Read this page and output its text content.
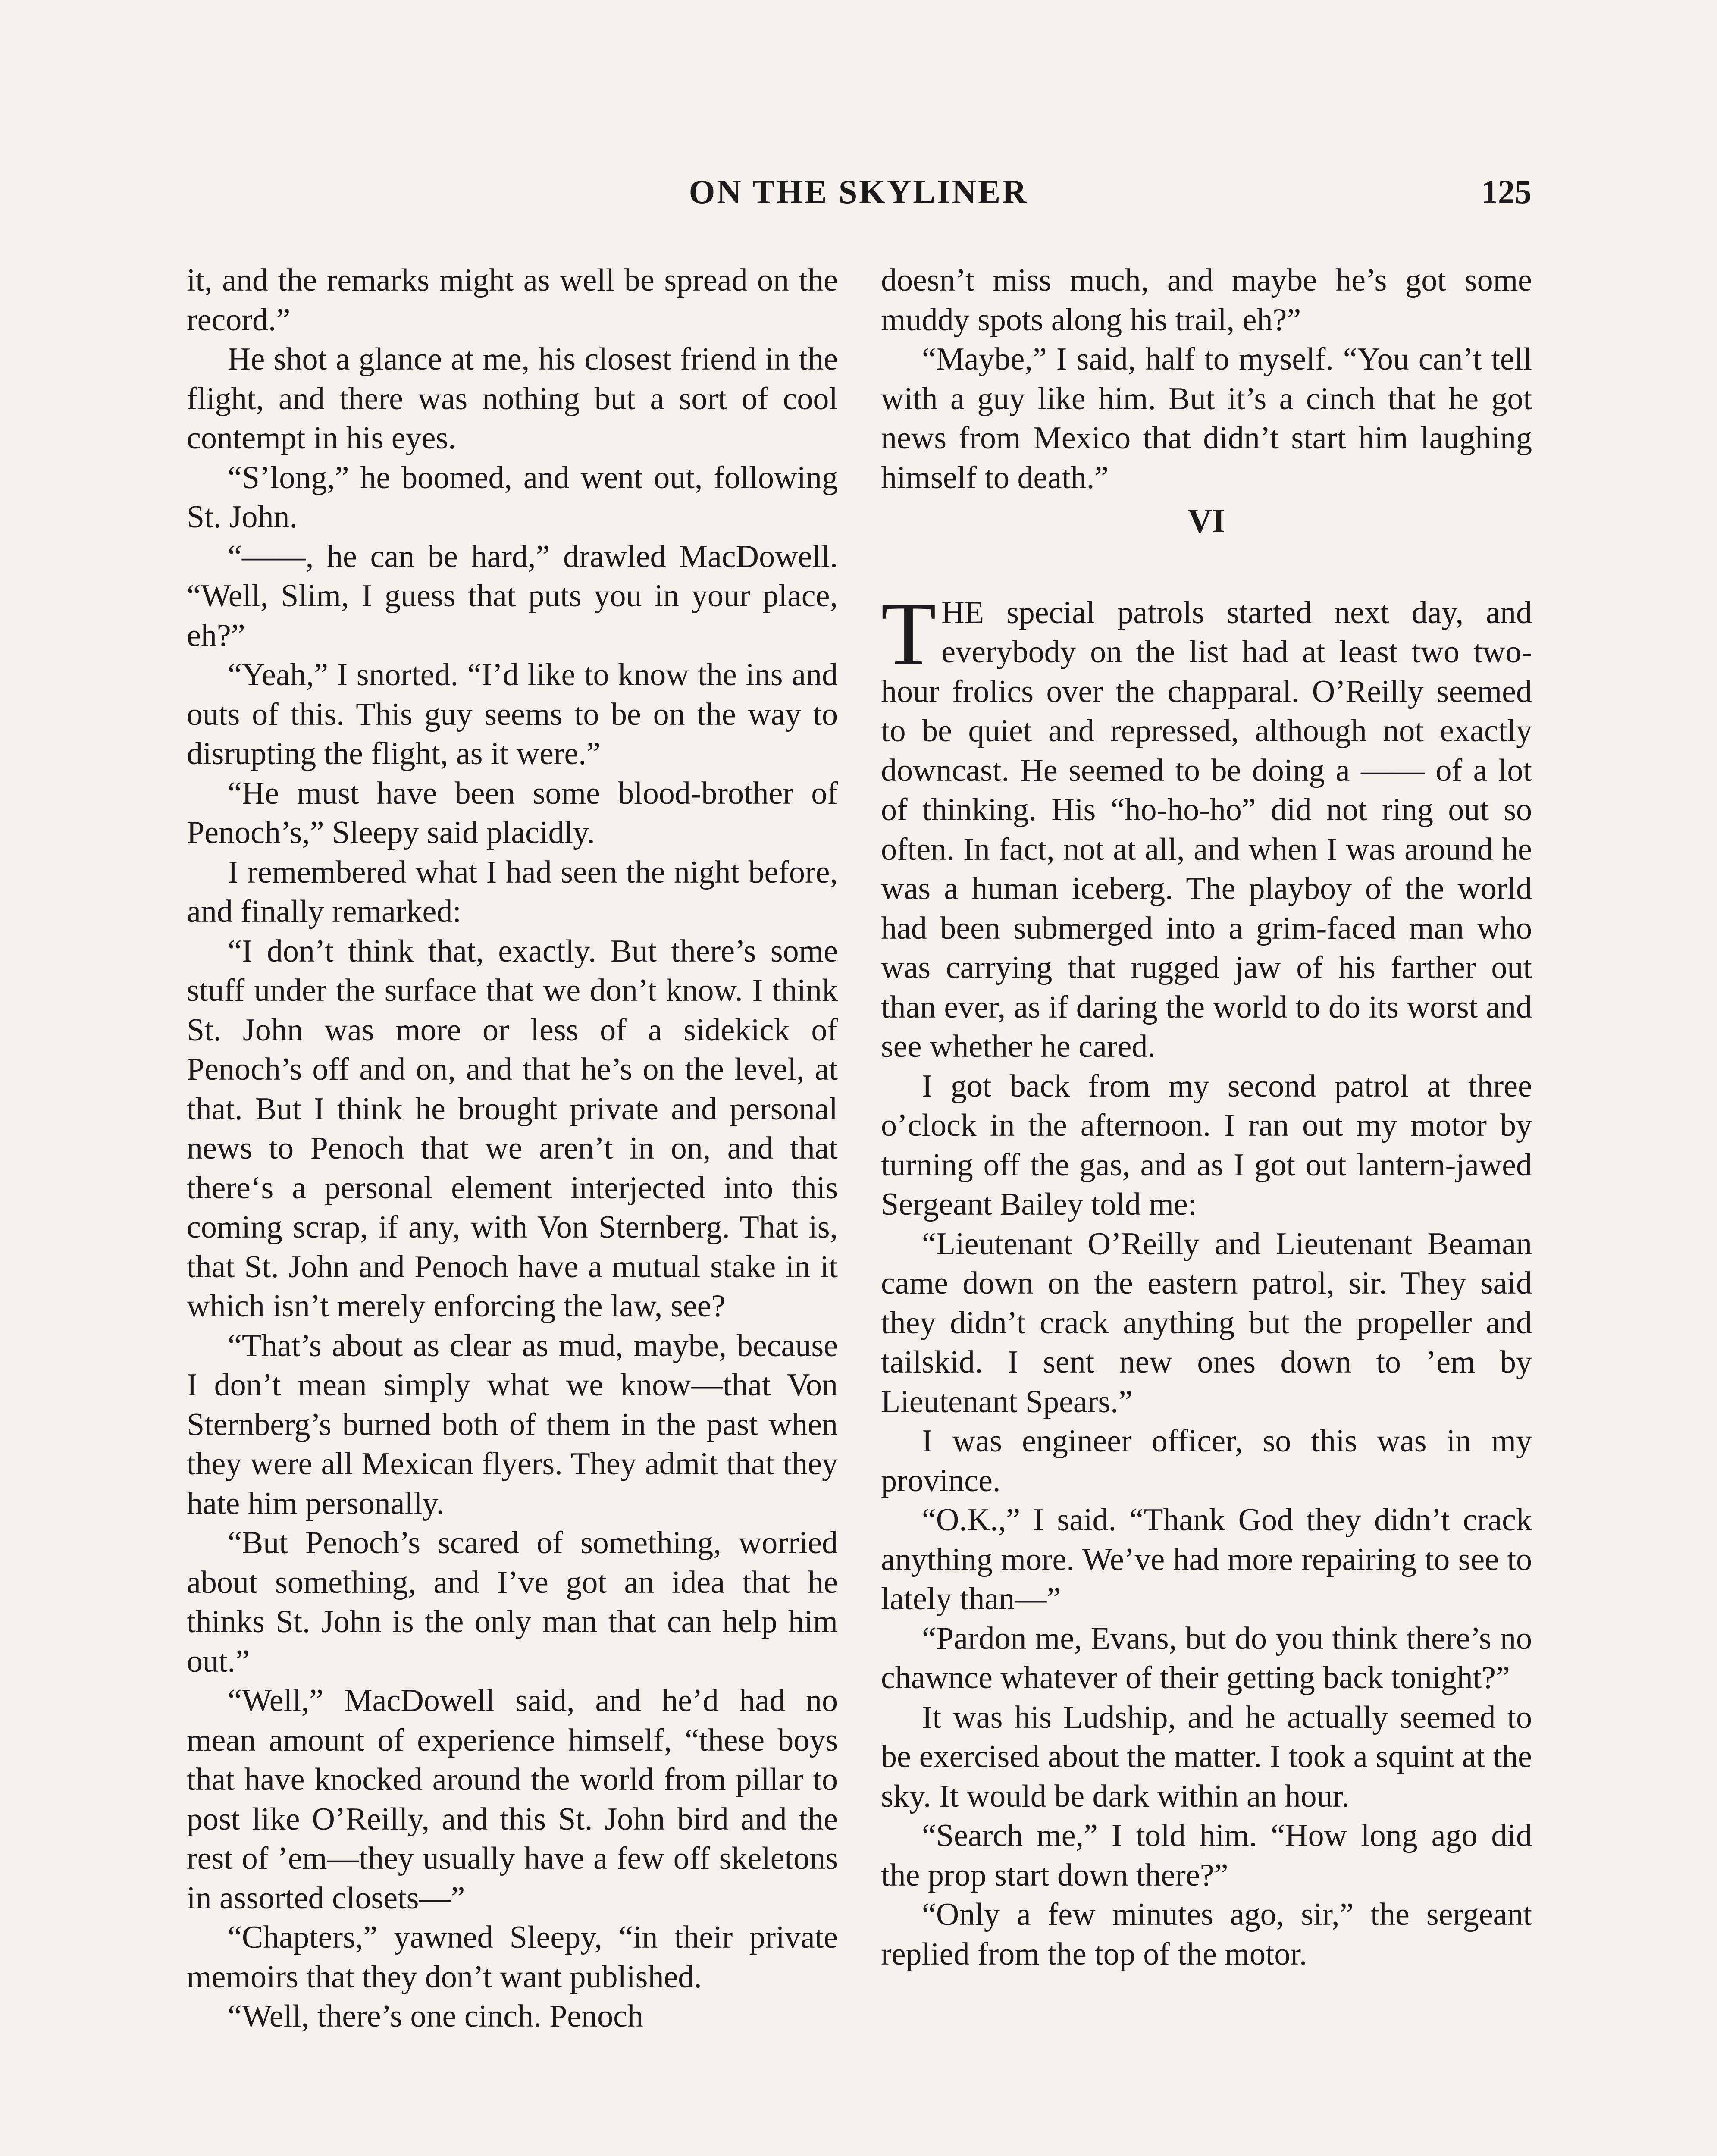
ON THE SKYLINER	125

it, and the remarks might as well be spread on the record.”

He shot a glance at me, his closest friend in the flight, and there was nothing but a sort of cool contempt in his eyes.

“S’long,” he boomed, and went out, following St. John.

“——, he can be hard,” drawled MacDowell. “Well, Slim, I guess that puts you in your place, eh?”

“Yeah,” I snorted. “I’d like to know the ins and outs of this. This guy seems to be on the way to disrupting the flight, as it were.”

“He must have been some blood-brother of Penoch’s,” Sleepy said placidly.

I remembered what I had seen the night before, and finally remarked:

“I don’t think that, exactly. But there’s some stuff under the surface that we don’t know. I think St. John was more or less of a sidekick of Penoch’s off and on, and that he’s on the level, at that. But I think he brought private and personal news to Penoch that we aren’t in on, and that there‘s a personal element interjected into this coming scrap, if any, with Von Sternberg. That is, that St. John and Penoch have a mutual stake in it which isn’t merely enforcing the law, see?

“That’s about as clear as mud, maybe, because I don’t mean simply what we know—that Von Sternberg’s burned both of them in the past when they were all Mexican flyers. They admit that they hate him personally.

“But Penoch’s scared of something, worried about something, and I’ve got an idea that he thinks St. John is the only man that can help him out.”

“Well,” MacDowell said, and he’d had no mean amount of experience himself, “these boys that have knocked around the world from pillar to post like O’Reilly, and this St. John bird and the rest of ’em—they usually have a few off skeletons in assorted closets—”

“Chapters,” yawned Sleepy, “in their private memoirs that they don’t want published.

“Well, there’s one cinch. Penoch

doesn’t miss much, and maybe he’s got some muddy spots along his trail, eh?”

“Maybe,” I said, half to myself. “You can’t tell with a guy like him. But it’s a cinch that he got news from Mexico that didn’t start him laughing himself to death.”

VI

THE special patrols started next day, and everybody on the list had at least two two-hour frolics over the chapparal. O’Reilly seemed to be quiet and repressed, although not exactly downcast. He seemed to be doing a —— of a lot of thinking. His “ho-ho-ho” did not ring out so often. In fact, not at all, and when I was around he was a human iceberg. The playboy of the world had been submerged into a grim-faced man who was carrying that rugged jaw of his farther out than ever, as if daring the world to do its worst and see whether he cared.

I got back from my second patrol at three o’clock in the afternoon. I ran out my motor by turning off the gas, and as I got out lantern-jawed Sergeant Bailey told me:

“Lieutenant O’Reilly and Lieutenant Beaman came down on the eastern patrol, sir. They said they didn’t crack anything but the propeller and tailskid. I sent new ones down to ’em by Lieutenant Spears.”

I was engineer officer, so this was in my province.

“O.K.,” I said. “Thank God they didn’t crack anything more. We’ve had more repairing to see to lately than—”

“Pardon me, Evans, but do you think there’s no chawnce whatever of their getting back tonight?”

It was his Ludship, and he actually seemed to be exercised about the matter. I took a squint at the sky. It would be dark within an hour.

“Search me,” I told him. “How long ago did the prop start down there?”

“Only a few minutes ago, sir,” the sergeant replied from the top of the motor.
